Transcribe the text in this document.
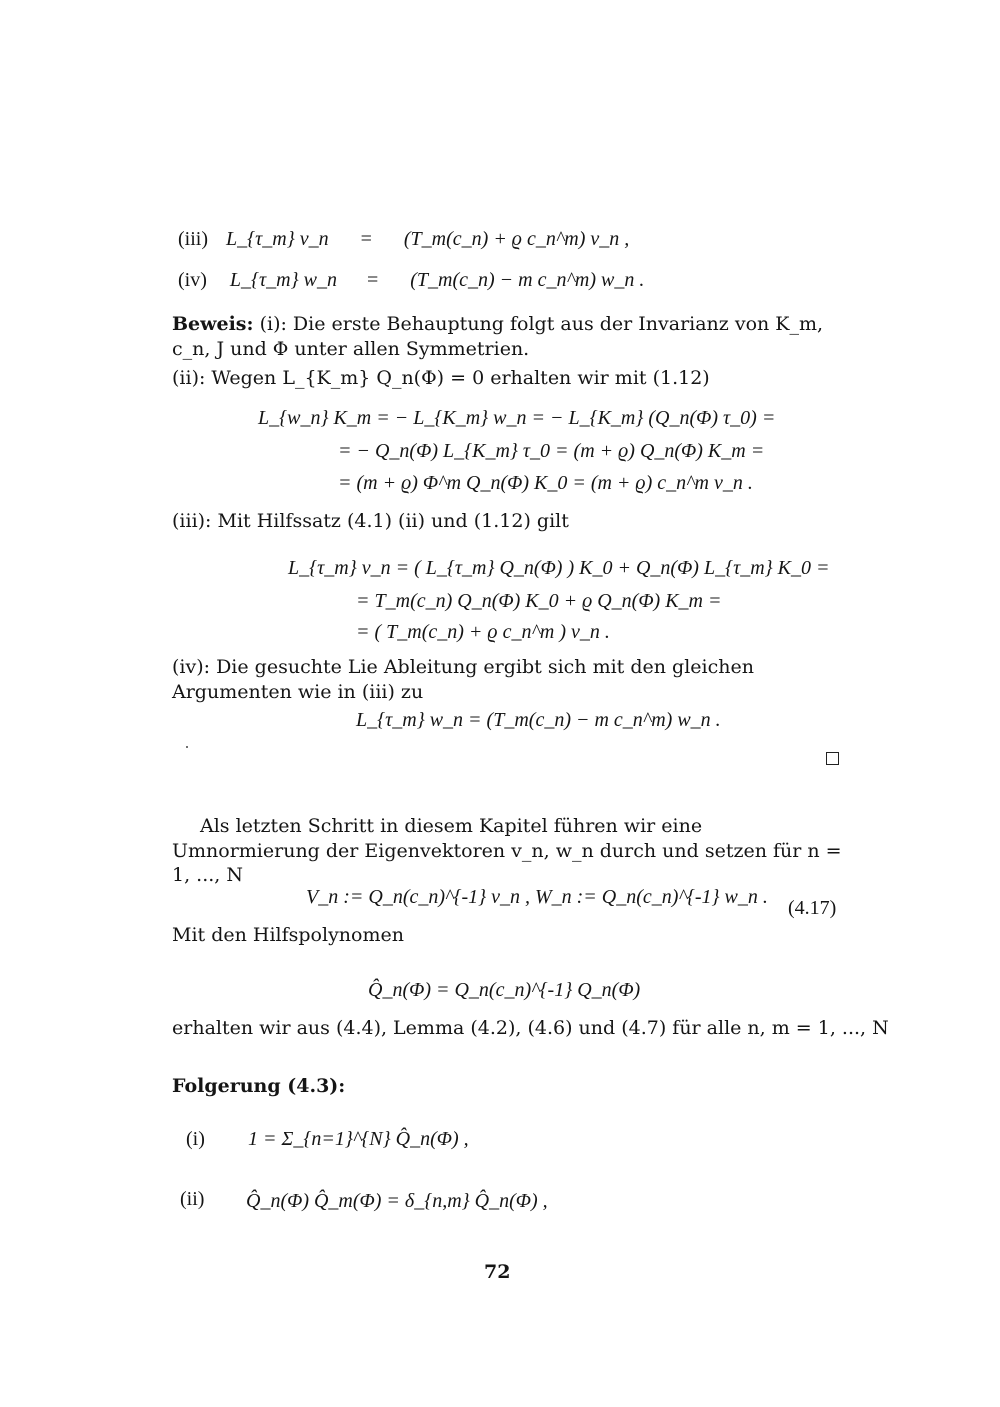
(iii) L_{τ_m} v_n = (T_m(c_n) + ϱ c_n^m) v_n ,
(iv) L_{τ_m} w_n = (T_m(c_n) − m c_n^m) w_n .
Beweis: (i): Die erste Behauptung folgt aus der Invarianz von K_m, c_n, J und Φ unter allen Symmetrien.
(ii): Wegen L_{K_m} Q_n(Φ) = 0 erhalten wir mit (1.12)
L_{w_n} K_m = − L_{K_m} w_n = − L_{K_m} (Q_n(Φ) τ_0) =
= − Q_n(Φ) L_{K_m} τ_0 = (m + ϱ) Q_n(Φ) K_m =
= (m + ϱ) Φ^m Q_n(Φ) K_0 = (m + ϱ) c_n^m v_n .
(iii): Mit Hilfssatz (4.1) (ii) und (1.12) gilt
L_{τ_m} v_n = ( L_{τ_m} Q_n(Φ) ) K_0 + Q_n(Φ) L_{τ_m} K_0 =
= T_m(c_n) Q_n(Φ) K_0 + ϱ Q_n(Φ) K_m =
= ( T_m(c_n) + ϱ c_n^m ) v_n .
(iv): Die gesuchte Lie Ableitung ergibt sich mit den gleichen Argumenten wie in (iii) zu
L_{τ_m} w_n = (T_m(c_n) − m c_n^m) w_n .
Als letzten Schritt in diesem Kapitel führen wir eine Umnormierung der Eigenvektoren v_n, w_n durch und setzen für n = 1, ..., N
V_n := Q_n(c_n)^{-1} v_n , W_n := Q_n(c_n)^{-1} w_n . (4.17)
Mit den Hilfspolynomen
Q̂_n(Φ) = Q_n(c_n)^{-1} Q_n(Φ)
erhalten wir aus (4.4), Lemma (4.2), (4.6) und (4.7) für alle n, m = 1, ..., N
Folgerung (4.3):
(i) 1 = Σ_{n=1}^{N} Q̂_n(Φ) ,
(ii) Q̂_n(Φ) Q̂_m(Φ) = δ_{n,m} Q̂_n(Φ) ,
72
